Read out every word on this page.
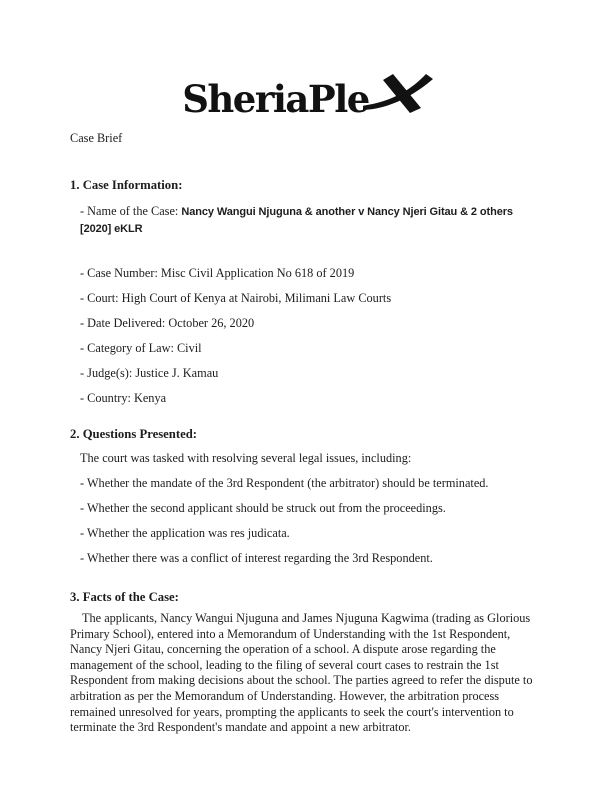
SheriaPle
Case Brief
1. Case Information:

- Name of the Case: Nancy Wangui Njuguna & another v Nancy Njeri Gitau & 2 others [2020] eKLR

- Case Number: Misc Civil Application No 618 of 2019

- Court: High Court of Kenya at Nairobi, Milimani Law Courts

- Date Delivered: October 26, 2020

- Category of Law: Civil

- Judge(s): Justice J. Kamau

- Country: Kenya

2. Questions Presented:

The court was tasked with resolving several legal issues, including:

- Whether the mandate of the 3rd Respondent (the arbitrator) should be terminated.

- Whether the second applicant should be struck out from the proceedings.

- Whether the application was res judicata.

- Whether there was a conflict of interest regarding the 3rd Respondent.

3. Facts of the Case:

The applicants, Nancy Wangui Njuguna and James Njuguna Kagwima (trading as Glorious Primary School), entered into a Memorandum of Understanding with the 1st Respondent, Nancy Njeri Gitau, concerning the operation of a school. A dispute arose regarding the management of the school, leading to the filing of several court cases to restrain the 1st Respondent from making decisions about the school. The parties agreed to refer the dispute to arbitration as per the Memorandum of Understanding. However, the arbitration process remained unresolved for years, prompting the applicants to seek the court's intervention to terminate the 3rd Respondent's mandate and appoint a new arbitrator.
